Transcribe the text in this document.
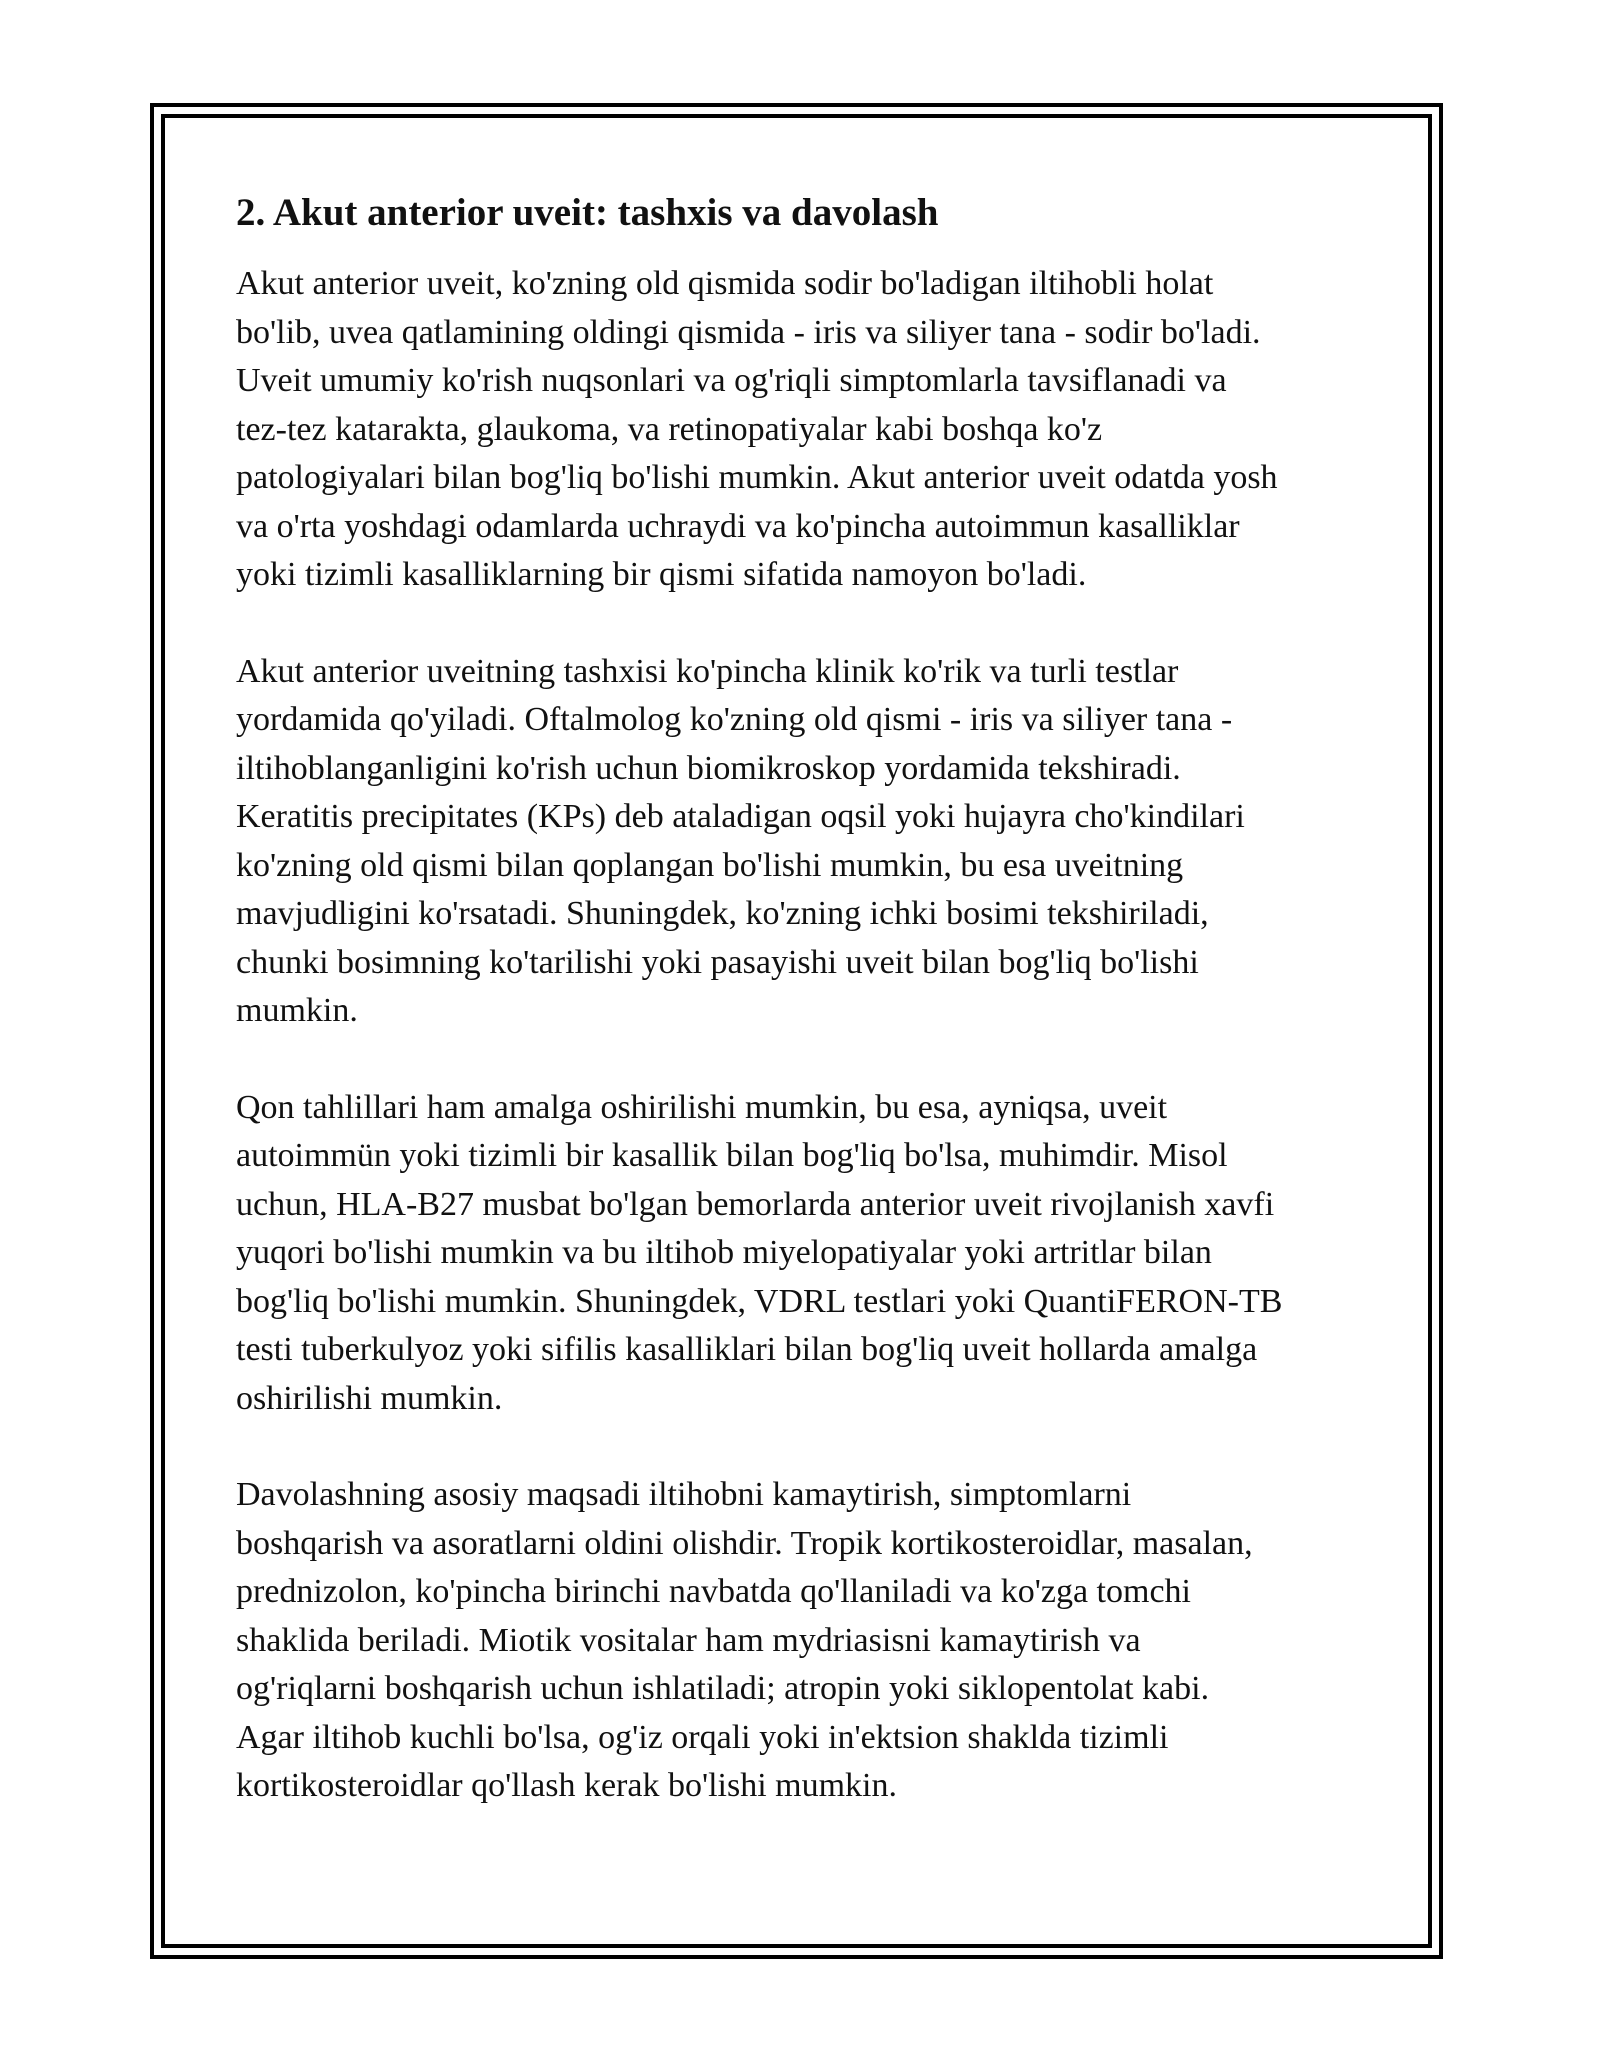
2. Akut anterior uveit: tashxis va davolash

Akut anterior uveit, ko'zning old qismida sodir bo'ladigan iltihobli holat
bo'lib, uvea qatlamining oldingi qismida - iris va siliyer tana - sodir bo'ladi.
Uveit umumiy ko'rish nuqsonlari va og'riqli simptomlarla tavsiflanadi va
tez-tez katarakta, glaukoma, va retinopatiyalar kabi boshqa ko'z
patologiyalari bilan bog'liq bo'lishi mumkin. Akut anterior uveit odatda yosh
va o'rta yoshdagi odamlarda uchraydi va ko'pincha autoimmun kasalliklar
yoki tizimli kasalliklarning bir qismi sifatida namoyon bo'ladi.

Akut anterior uveitning tashxisi ko'pincha klinik ko'rik va turli testlar
yordamida qo'yiladi. Oftalmolog ko'zning old qismi - iris va siliyer tana -
iltihoblanganligini ko'rish uchun biomikroskop yordamida tekshiradi.
Keratitis precipitates (KPs) deb ataladigan oqsil yoki hujayra cho'kindilari
ko'zning old qismi bilan qoplangan bo'lishi mumkin, bu esa uveitning
mavjudligini ko'rsatadi. Shuningdek, ko'zning ichki bosimi tekshiriladi,
chunki bosimning ko'tarilishi yoki pasayishi uveit bilan bog'liq bo'lishi
mumkin.

Qon tahlillari ham amalga oshirilishi mumkin, bu esa, ayniqsa, uveit
autoimmün yoki tizimli bir kasallik bilan bog'liq bo'lsa, muhimdir. Misol
uchun, HLA-B27 musbat bo'lgan bemorlarda anterior uveit rivojlanish xavfi
yuqori bo'lishi mumkin va bu iltihob miyelopatiyalar yoki artritlar bilan
bog'liq bo'lishi mumkin. Shuningdek, VDRL testlari yoki QuantiFERON-TB
testi tuberkulyoz yoki sifilis kasalliklari bilan bog'liq uveit hollarda amalga
oshirilishi mumkin.

Davolashning asosiy maqsadi iltihobni kamaytirish, simptomlarni
boshqarish va asoratlarni oldini olishdir. Tropik kortikosteroidlar, masalan,
prednizolon, ko'pincha birinchi navbatda qo'llaniladi va ko'zga tomchi
shaklida beriladi. Miotik vositalar ham mydriasisni kamaytirish va
og'riqlarni boshqarish uchun ishlatiladi; atropin yoki siklopentolat kabi.
Agar iltihob kuchli bo'lsa, og'iz orqali yoki in'ektsion shaklda tizimli
kortikosteroidlar qo'llash kerak bo'lishi mumkin.
